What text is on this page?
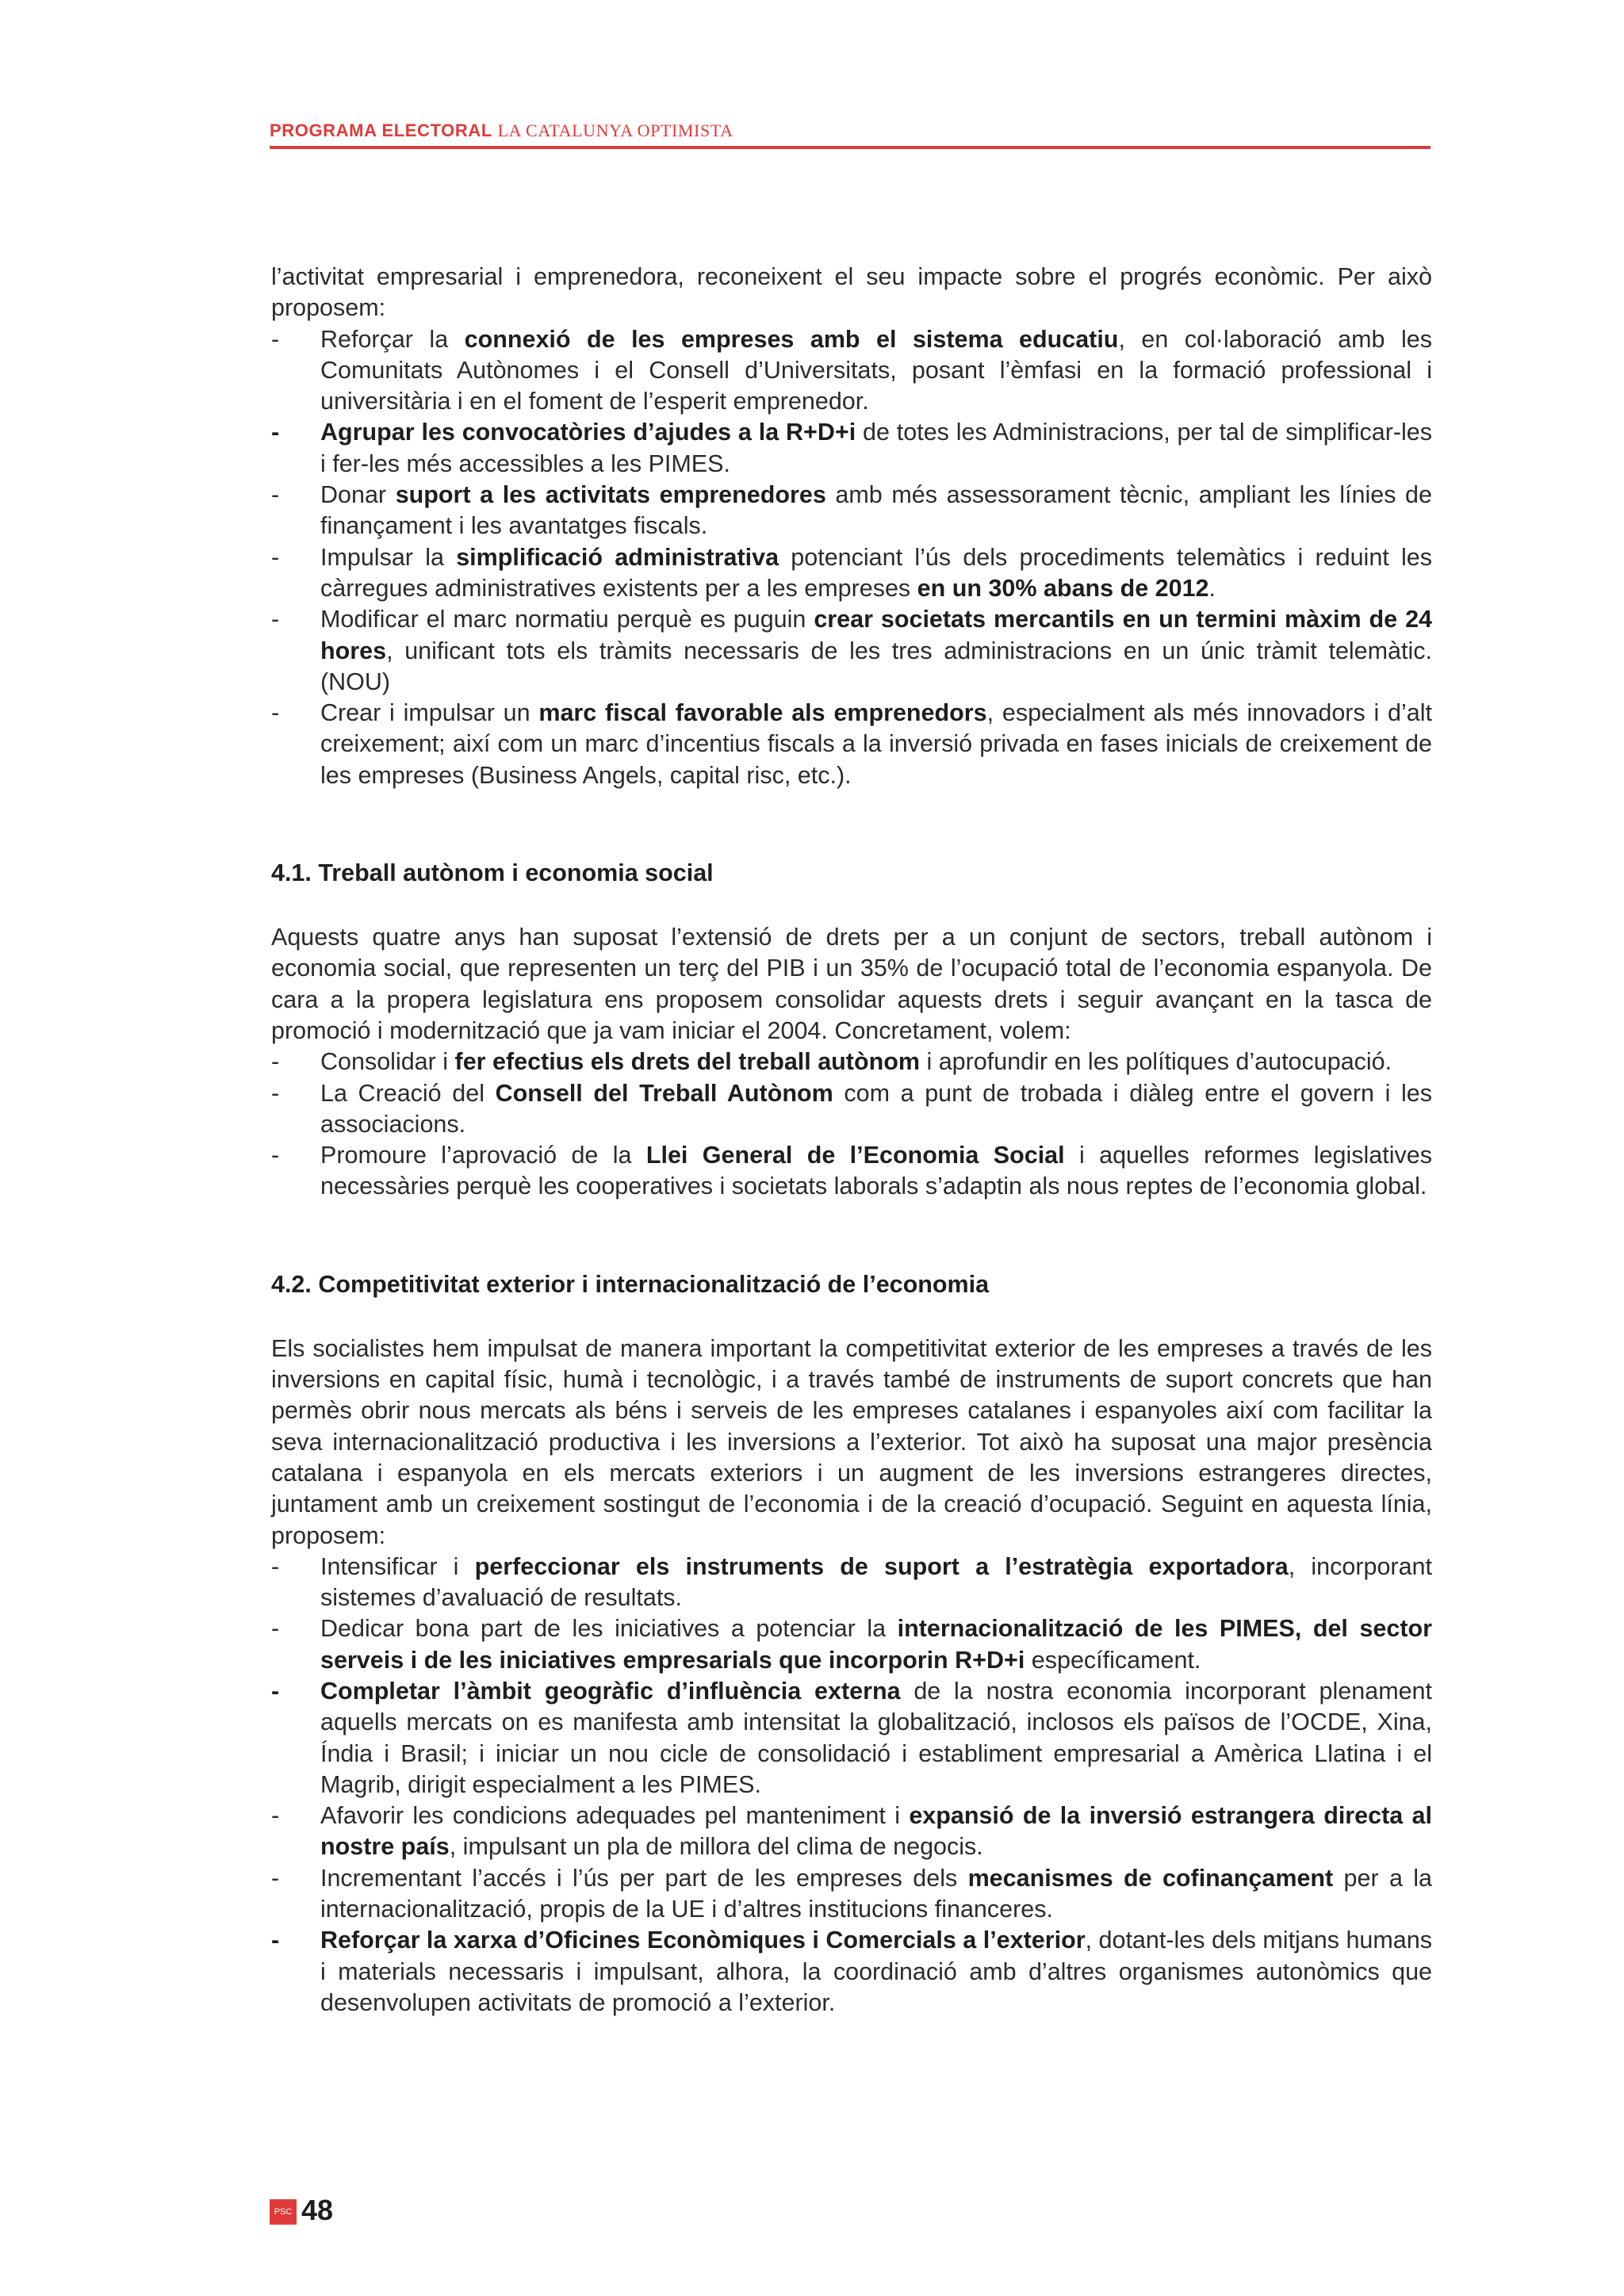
PROGRAMA ELECTORAL LA CATALUNYA OPTIMISTA

l’activitat empresarial i emprenedora, reconeixent el seu impacte sobre el progrés econòmic. Per això proposem:

- Reforçar la connexió de les empreses amb el sistema educatiu, en col·laboració amb les Comunitats Autònomes i el Consell d’Universitats, posant l’èmfasi en la formació professional i universitària i en el foment de l’esperit emprenedor.
- Agrupar les convocatòries d’ajudes a la R+D+i de totes les Administracions, per tal de simplificar-les i fer-les més accessibles a les PIMES.
- Donar suport a les activitats emprenedores amb més assessorament tècnic, ampliant les línies de finançament i les avantatges fiscals.
- Impulsar la simplificació administrativa potenciant l’ús dels procediments telemàtics i reduint les càrregues administratives existents per a les empreses en un 30% abans de 2012.
- Modificar el marc normatiu perquè es puguin crear societats mercantils en un termini màxim de 24 hores, unificant tots els tràmits necessaris de les tres administracions en un únic tràmit telemàtic. (NOU)
- Crear i impulsar un marc fiscal favorable als emprenedors, especialment als més innovadors i d’alt creixement; així com un marc d’incentius fiscals a la inversió privada en fases inicials de creixement de les empreses (Business Angels, capital risc, etc.).
4.1. Treball autònom i economia social

Aquests quatre anys han suposat l’extensió de drets per a un conjunt de sectors, treball autònom i economia social, que representen un terç del PIB i un 35% de l’ocupació total de l’economia espanyola. De cara a la propera legislatura ens proposem consolidar aquests drets i seguir avançant en la tasca de promoció i modernització que ja vam iniciar el 2004. Concretament, volem:

- Consolidar i fer efectius els drets del treball autònom i aprofundir en les polítiques d’autocupació.
- La Creació del Consell del Treball Autònom com a punt de trobada i diàleg entre el govern i les associacions.
- Promoure l’aprovació de la Llei General de l’Economia Social i aquelles reformes legislatives necessàries perquè les cooperatives i societats laborals s’adaptin als nous reptes de l’economia global.
4.2. Competitivitat exterior i internacionalització de l’economia

Els socialistes hem impulsat de manera important la competitivitat exterior de les empreses a través de les inversions en capital físic, humà i tecnològic, i a través també de instruments de suport concrets que han permès obrir nous mercats als béns i serveis de les empreses catalanes i espanyoles així com facilitar la seva internacionalització productiva i les inversions a l’exterior. Tot això ha suposat una major presència catalana i espanyola en els mercats exteriors i un augment de les inversions estrangeres directes, juntament amb un creixement sostingut de l’economia i de la creació d’ocupació. Seguint en aquesta línia, proposem:

- Intensificar i perfeccionar els instruments de suport a l’estratègia exportadora, incorporant sistemes d’avaluació de resultats.
- Dedicar bona part de les iniciatives a potenciar la internacionalització de les PIMES, del sector serveis i de les iniciatives empresarials que incorporin R+D+i específicament.
- Completar l’àmbit geogràfic d’influència externa de la nostra economia incorporant plenament aquells mercats on es manifesta amb intensitat la globalització, inclosos els països de l’OCDE, Xina, Índia i Brasil; i iniciar un nou cicle de consolidació i establiment empresarial a Amèrica Llatina i el Magrib, dirigit especialment a les PIMES.
- Afavorir les condicions adequades pel manteniment i expansió de la inversió estrangera directa al nostre país, impulsant un pla de millora del clima de negocis.
- Incrementant l’accés i l’ús per part de les empreses dels mecanismes de cofinançament per a la internacionalització, propis de la UE i d’altres institucions financeres.
- Reforçar la xarxa d’Oficines Econòmiques i Comercials a l’exterior, dotant-les dels mitjans humans i materials necessaris i impulsant, alhora, la coordinació amb d’altres organismes autonòmics que desenvolupen activitats de promoció a l’exterior.
PSC 48
